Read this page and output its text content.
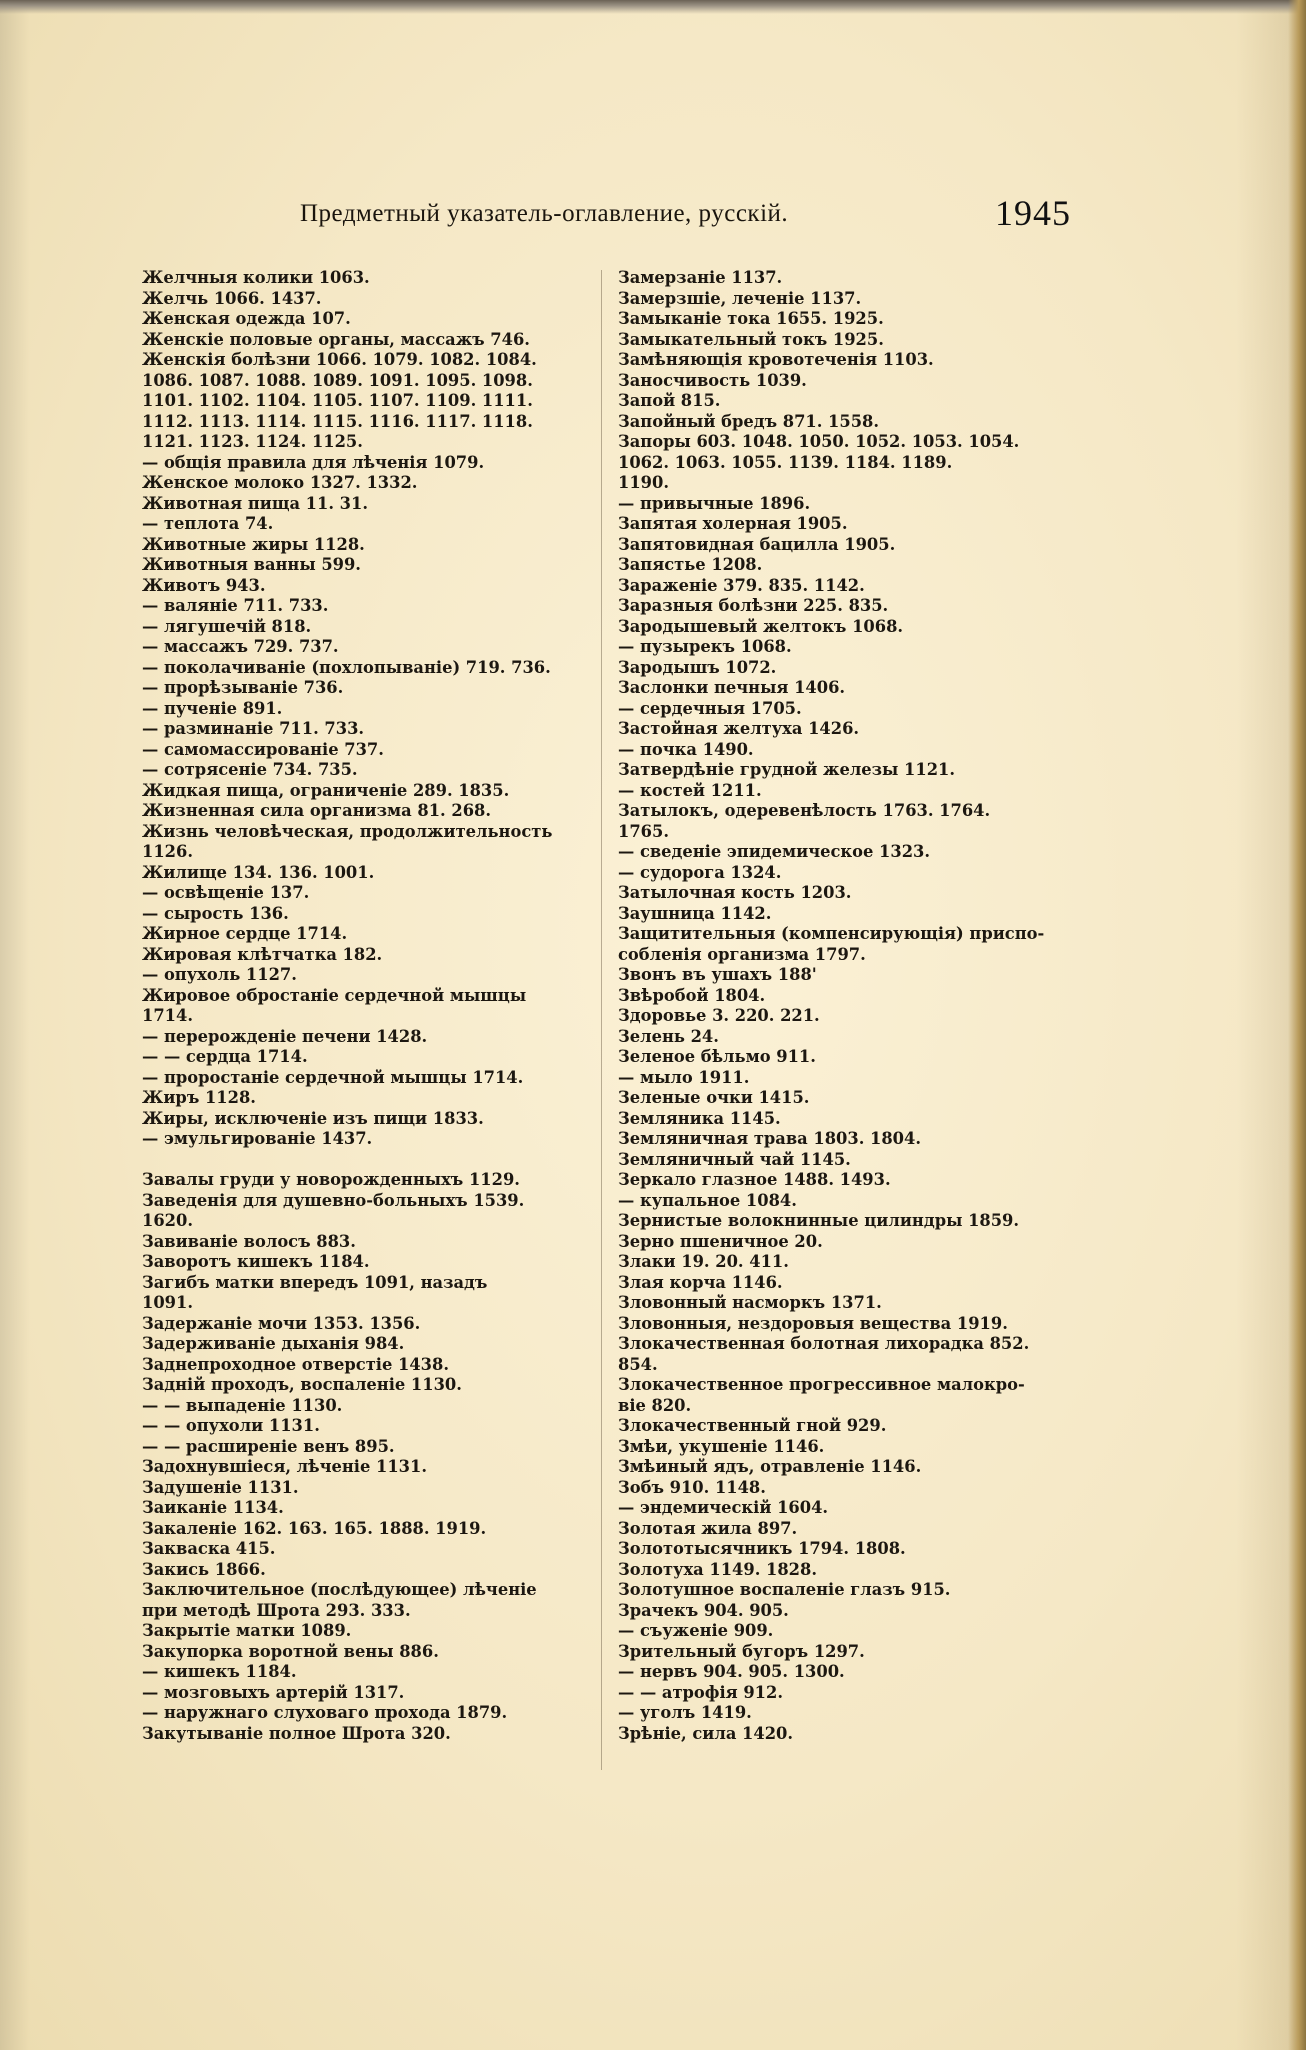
Предметный указатель-оглавление, русскій.	1945
Желчныя колики 1063.
Желчь 1066. 1437.
Женская одежда 107.
Женскіе половые органы, массажъ 746.
Женскія болѣзни 1066. 1079. 1082. 1084.
1086. 1087. 1088. 1089. 1091. 1095. 1098.
1101. 1102. 1104. 1105. 1107. 1109. 1111.
1112. 1113. 1114. 1115. 1116. 1117. 1118.
1121. 1123. 1124. 1125.
— общія правила для лѣченія 1079.
Женское молоко 1327. 1332.
Животная пища 11. 31.
— теплота 74.
Животные жиры 1128.
Животныя ванны 599.
Животъ 943.
— валяніе 711. 733.
— лягушечій 818.
— массажъ 729. 737.
— поколачиваніе (похлопываніе) 719. 736.
— прорѣзываніе 736.
— пученіе 891.
— разминаніе 711. 733.
— самомассированіе 737.
— сотрясеніе 734. 735.
Жидкая пища, ограниченіе 289. 1835.
Жизненная сила организма 81. 268.
Жизнь человѣческая, продолжительность
1126.
Жилище 134. 136. 1001.
— освѣщеніе 137.
— сырость 136.
Жирное сердце 1714.
Жировая клѣтчатка 182.
— опухоль 1127.
Жировое обростаніе сердечной мышцы
1714.
— перерожденіе печени 1428.
— — сердца 1714.
— проростаніе сердечной мышцы 1714.
Жиръ 1128.
Жиры, исключеніе изъ пищи 1833.
— эмульгированіе 1437.
Завалы груди у новорожденныхъ 1129.
Заведенія для душевно-больныхъ 1539.
1620.
Завиваніе волосъ 883.
Заворотъ кишекъ 1184.
Загибъ матки впередъ 1091, назадъ
1091.
Задержаніе мочи 1353. 1356.
Задерживаніе дыханія 984.
Заднепроходное отверстіе 1438.
Задній проходъ, воспаленіе 1130.
— — выпаденіе 1130.
— — опухоли 1131.
— — расширеніе венъ 895.
Задохнувшіеся, лѣченіе 1131.
Задушеніе 1131.
Заиканіе 1134.
Закаленіе 162. 163. 165. 1888. 1919.
Закваска 415.
Закись 1866.
Заключительное (послѣдующее) лѣченіе
при методѣ Шрота 293. 333.
Закрытіе матки 1089.
Закупорка воротной вены 886.
— кишекъ 1184.
— мозговыхъ артерій 1317.
— наружнаго слуховаго прохода 1879.
Закутываніе полное Шрота 320.
Замерзаніе 1137.
Замерзшіе, леченіе 1137.
Замыканіе тока 1655. 1925.
Замыкательный токъ 1925.
Замѣняющія кровотеченія 1103.
Заносчивость 1039.
Запой 815.
Запойный бредъ 871. 1558.
Запоры 603. 1048. 1050. 1052. 1053. 1054.
1062. 1063. 1055. 1139. 1184. 1189.
1190.
— привычные 1896.
Запятая холерная 1905.
Запятовидная бацилла 1905.
Запястье 1208.
Зараженіе 379. 835. 1142.
Заразныя болѣзни 225. 835.
Зародышевый желтокъ 1068.
— пузырекъ 1068.
Зародышъ 1072.
Заслонки печныя 1406.
— сердечныя 1705.
Застойная желтуха 1426.
— почка 1490.
Затвердѣніе грудной железы 1121.
— костей 1211.
Затылокъ, одеревенѣлость 1763. 1764.
1765.
— сведеніе эпидемическое 1323.
— судорога 1324.
Затылочная кость 1203.
Заушница 1142.
Защитительныя (компенсирующія) приспо-
собленія организма 1797.
Звонъ въ ушахъ 188'
Звѣробой 1804.
Здоровье 3. 220. 221.
Зелень 24.
Зеленое бѣльмо 911.
— мыло 1911.
Зеленые очки 1415.
Земляника 1145.
Земляничная трава 1803. 1804.
Земляничный чай 1145.
Зеркало глазное 1488. 1493.
— купальное 1084.
Зернистые волокнинные цилиндры 1859.
Зерно пшеничное 20.
Злаки 19. 20. 411.
Злая корча 1146.
Зловонный насморкъ 1371.
Зловонныя, нездоровыя вещества 1919.
Злокачественная болотная лихорадка 852.
854.
Злокачественное прогрессивное малокро-
віе 820.
Злокачественный гной 929.
Змѣи, укушеніе 1146.
Змѣиный ядъ, отравленіе 1146.
Зобъ 910. 1148.
— эндемическій 1604.
Золотая жила 897.
Золототысячникъ 1794. 1808.
Золотуха 1149. 1828.
Золотушное воспаленіе глазъ 915.
Зрачекъ 904. 905.
— съуженіе 909.
Зрительный бугоръ 1297.
— нервъ 904. 905. 1300.
— — атрофія 912.
— уголъ 1419.
Зрѣніе, сила 1420.
